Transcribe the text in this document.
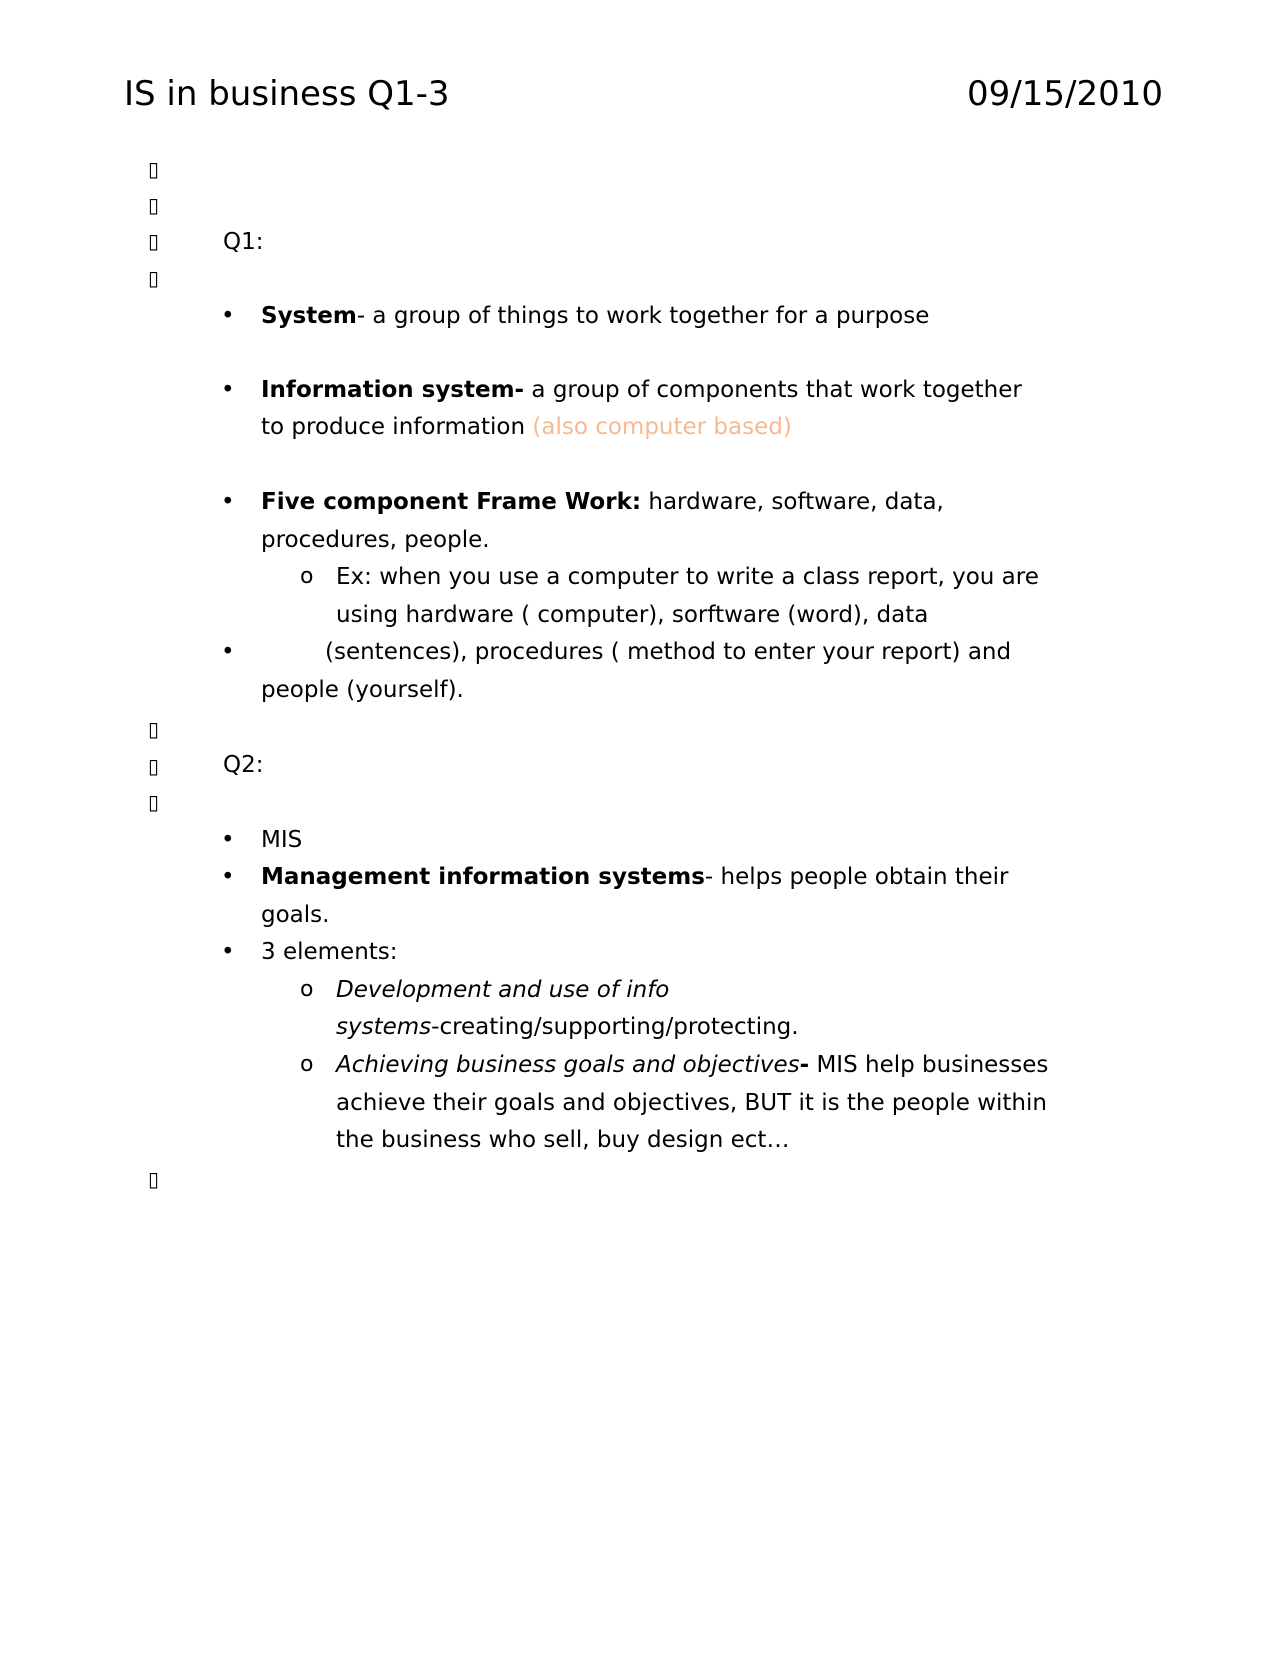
IS in business Q1-3	09/15/2010
▯
▯
▯
▯
▯
▯
▯
▯
Q1:
• System- a group of things to work together for a purpose
• Information system- a group of components that work together
to produce information (also computer based)
• Five component Frame Work: hardware, software, data,
procedures, people.
o Ex: when you use a computer to write a class report, you are
using hardware ( computer), sorftware (word), data
•	(sentences), procedures ( method to enter your report) and
people (yourself).
Q2:
• MIS
• Management information systems- helps people obtain their
goals.
• 3 elements:
o Development and use of info
systems-creating/supporting/protecting.
o Achieving business goals and objectives- MIS help businesses
achieve their goals and objectives, BUT it is the people within
the business who sell, buy design ect…
